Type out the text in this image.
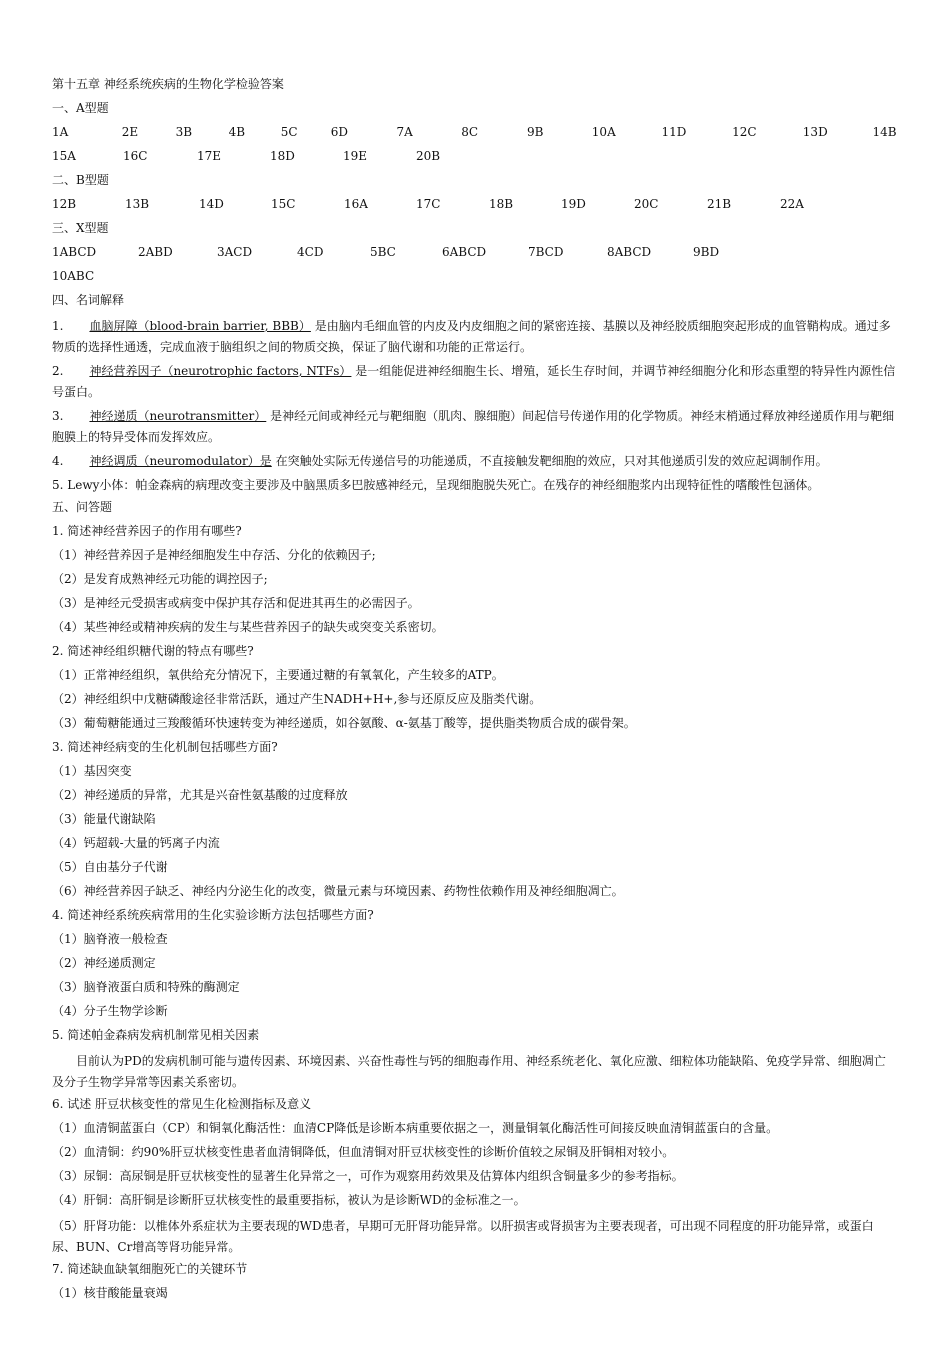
第十五章 神经系统疾病的生物化学检验答案
一、A型题
1A	2E	3B	4B	5C	6D	7A	8C	9B	10A	11D	12C	13D	14B
15A	16C	17E	18D	19E	20B
二、B型题
12B	13B	14D	15C	16A	17C	18B	19D	20C	21B	22A
三、X型题
1ABCD	2ABD	3ACD	4CD	5BC	6ABCD	7BCD	8ABCD	9BD
10ABC
四、名词解释
1. 血脑屏障（blood-brain barrier, BBB） 是由脑内毛细血管的内皮及内皮细胞之间的紧密连接、基膜以及神经胶质细胞突起形成的血管鞘构成。通过多物质的选择性通透，完成血液于脑组织之间的物质交换，保证了脑代谢和功能的正常运行。
2. 神经营养因子（neurotrophic factors, NTFs） 是一组能促进神经细胞生长、增殖，延长生存时间，并调节神经细胞分化和形态重塑的特异性内源性信号蛋白。
3. 神经递质（neurotransmitter） 是神经元间或神经元与靶细胞（肌肉、腺细胞）间起信号传递作用的化学物质。神经末梢通过释放神经递质作用与靶细胞膜上的特异受体而发挥效应。
4. 神经调质（neuromodulator）是 在突触处实际无传递信号的功能递质，不直接触发靶细胞的效应，只对其他递质引发的效应起调制作用。
5. Lewy小体：帕金森病的病理改变主要涉及中脑黑质多巴胺感神经元，呈现细胞脱失死亡。在残存的神经细胞浆内出现特征性的嗜酸性包涵体。
五、问答题
1. 简述神经营养因子的作用有哪些?
（1）神经营养因子是神经细胞发生中存活、分化的依赖因子;
（2）是发育成熟神经元功能的调控因子;
（3）是神经元受损害或病变中保护其存活和促进其再生的必需因子。
（4）某些神经或精神疾病的发生与某些营养因子的缺失或突变关系密切。
2. 简述神经组织糖代谢的特点有哪些?
（1）正常神经组织，氧供给充分情况下，主要通过糖的有氧氧化，产生较多的ATP。
（2）神经组织中戊糖磷酸途径非常活跃，通过产生NADH+H+,参与还原反应及脂类代谢。
（3）葡萄糖能通过三羧酸循环快速转变为神经递质，如谷氨酸、α-氨基丁酸等，提供脂类物质合成的碳骨架。
3. 简述神经病变的生化机制包括哪些方面?
（1）基因突变
（2）神经递质的异常，尤其是兴奋性氨基酸的过度释放
（3）能量代谢缺陷
（4）钙超载-大量的钙离子内流
（5）自由基分子代谢
（6）神经营养因子缺乏、神经内分泌生化的改变，微量元素与环境因素、药物性依赖作用及神经细胞凋亡。
4. 简述神经系统疾病常用的生化实验诊断方法包括哪些方面?
（1）脑脊液一般检查
（2）神经递质测定
（3）脑脊液蛋白质和特殊的酶测定
（4）分子生物学诊断
5. 简述帕金森病发病机制常见相关因素
目前认为PD的发病机制可能与遗传因素、环境因素、兴奋性毒性与钙的细胞毒作用、神经系统老化、氧化应激、细粒体功能缺陷、免疫学异常、细胞凋亡及分子生物学异常等因素关系密切。
6. 试述 肝豆状核变性的常见生化检测指标及意义
（1）血清铜蓝蛋白（CP）和铜氧化酶活性：血清CP降低是诊断本病重要依据之一，测量铜氧化酶活性可间接反映血清铜蓝蛋白的含量。
（2）血清铜：约90%肝豆状核变性患者血清铜降低，但血清铜对肝豆状核变性的诊断价值较之尿铜及肝铜相对较小。
（3）尿铜：高尿铜是肝豆状核变性的显著生化异常之一，可作为观察用药效果及估算体内组织含铜量多少的参考指标。
（4）肝铜：高肝铜是诊断肝豆状核变性的最重要指标，被认为是诊断WD的金标准之一。
（5）肝肾功能：以椎体外系症状为主要表现的WD患者，早期可无肝肾功能异常。以肝损害或肾损害为主要表现者，可出现不同程度的肝功能异常，或蛋白尿、BUN、Cr增高等肾功能异常。
7. 简述缺血缺氧细胞死亡的关键环节
（1）核苷酸能量衰竭
